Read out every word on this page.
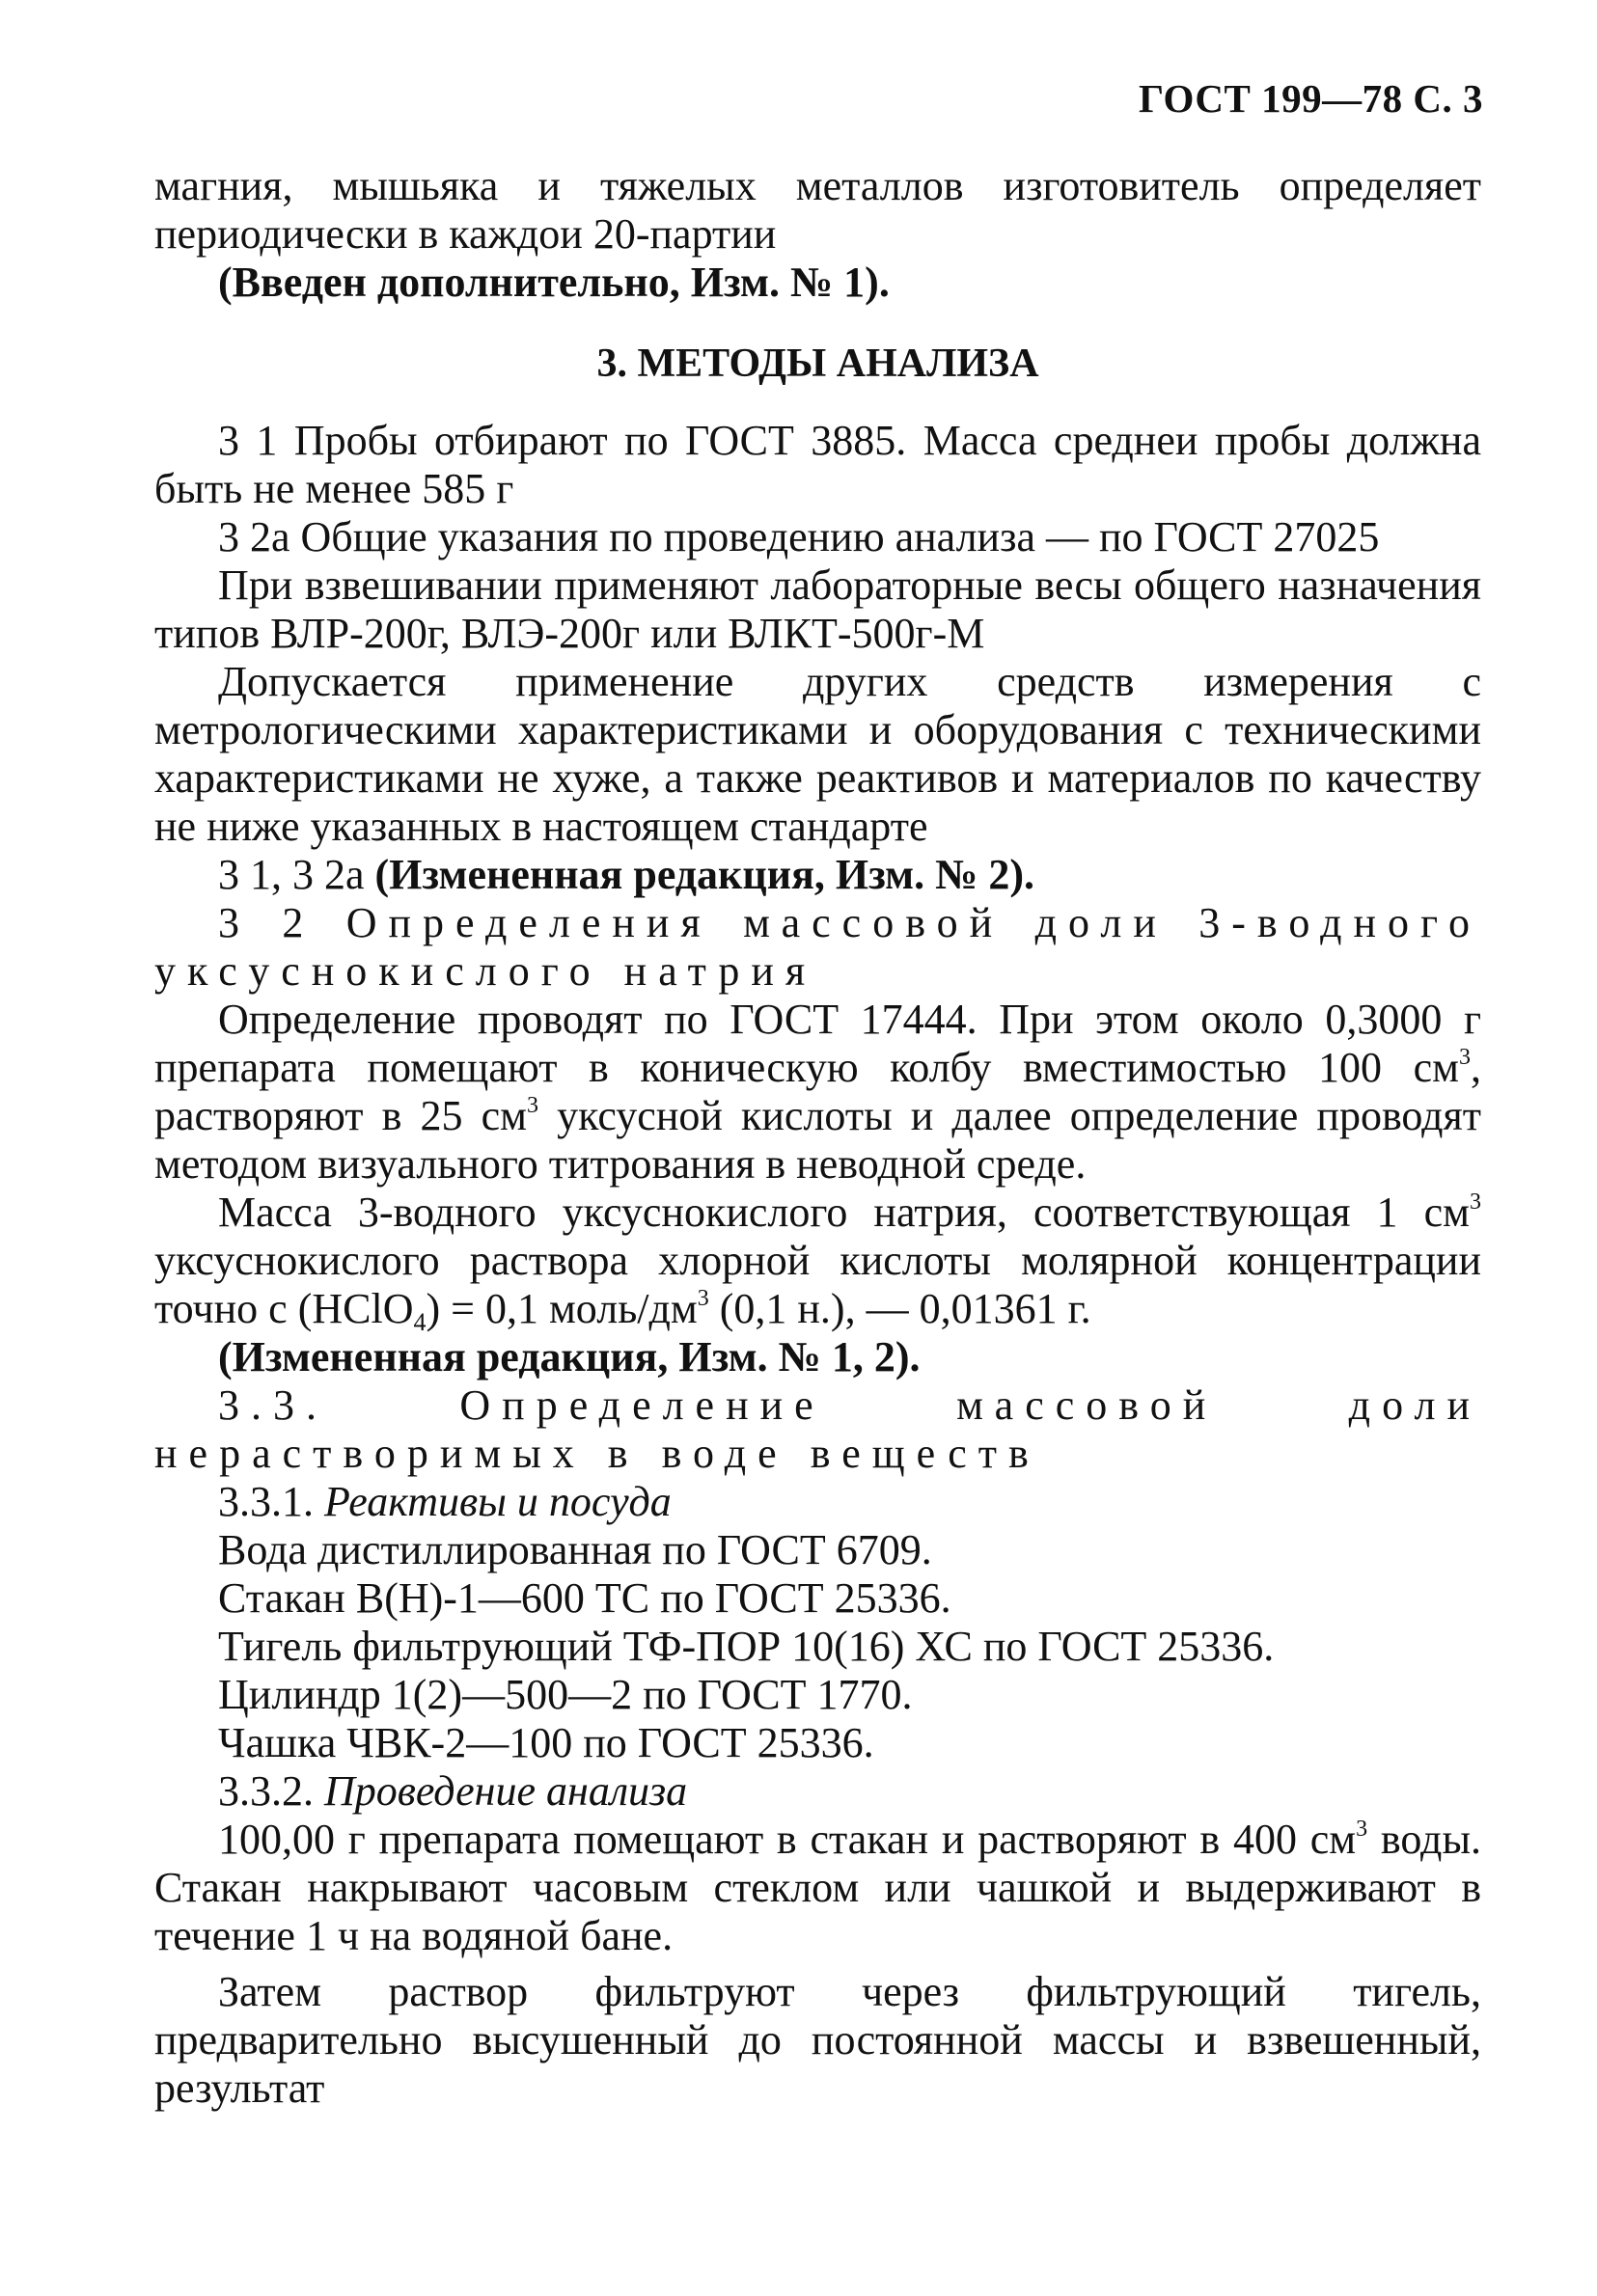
ГОСТ 199—78 С. 3

магния, мышьяка и тяжелых металлов изготовитель определяет периодически в каждои 20-партии

(Введен дополнительно, Изм. № 1).

3. МЕТОДЫ АНАЛИЗА

3 1 Пробы отбирают по ГОСТ 3885. Масса среднеи пробы должна быть не менее 585 г

3 2а Общие указания по проведению анализа — по ГОСТ 27025

При взвешивании применяют лабораторные весы общего назначения типов ВЛР-200г, ВЛЭ-200г или ВЛКТ-500г-М

Допускается применение других средств измерения с метрологическими характеристиками и оборудования с техническими характеристиками не хуже, а также реактивов и материалов по качеству не ниже указанных в настоящем стандарте

3 1, 3 2а (Измененная редакция, Изм. № 2).

3 2 Определения массовой доли 3-водного уксуснокислого натрия

Определение проводят по ГОСТ 17444. При этом около 0,3000 г препарата помещают в коническую колбу вместимостью 100 $см^3$, растворяют в 25 $см^3$ уксусной кислоты и далее определение проводят методом визуального титрования в неводной среде.

Масса 3-водного уксуснокислого натрия, соответствующая 1 $см^3$ уксуснокислого раствора хлорной кислоты молярной концентрации точно с (HClO$_4$) = 0,1 моль/$дм^3$ (0,1 н.), — 0,01361 г.

(Измененная редакция, Изм. № 1, 2).

3.3. Определение массовой доли нерастворимых в воде веществ

3.3.1. Реактивы и посуда

Вода дистиллированная по ГОСТ 6709.

Стакан В(Н)-1—600 ТС по ГОСТ 25336.

Тигель фильтрующий ТФ-ПОР 10(16) ХС по ГОСТ 25336.

Цилиндр 1(2)—500—2 по ГОСТ 1770.

Чашка ЧВК-2—100 по ГОСТ 25336.

3.3.2. Проведение анализа

100,00 г препарата помещают в стакан и растворяют в 400 $см^3$ воды. Стакан накрывают часовым стеклом или чашкой и выдерживают в течение 1 ч на водяной бане.

Затем раствор фильтруют через фильтрующий тигель, предварительно высушенный до постоянной массы и взвешенный, результат
